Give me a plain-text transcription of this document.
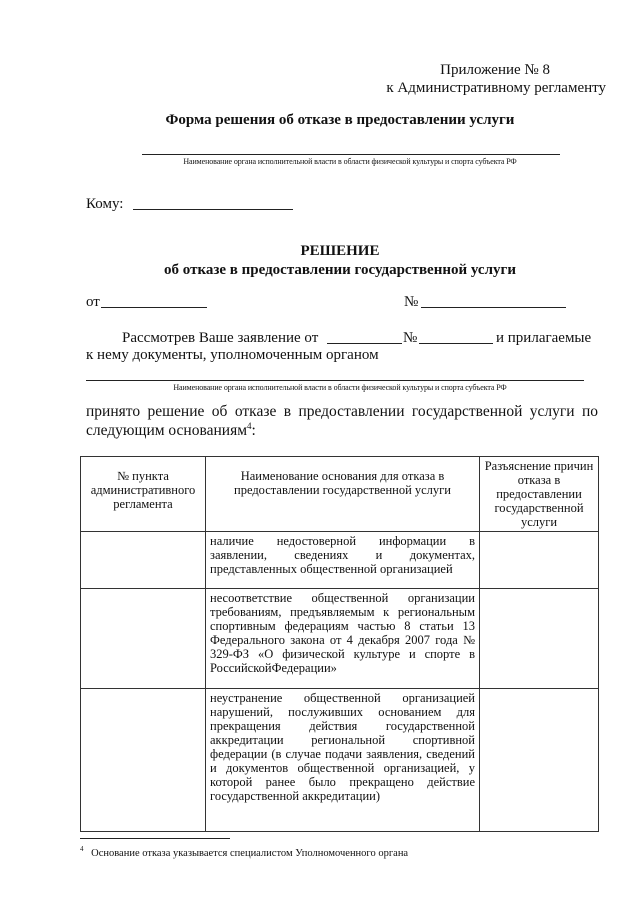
Приложение № 8
к Административному регламенту
Форма решения об отказе в предоставлении услуги
Наименование органа исполнительной власти в области физической культуры и спорта субъекта РФ
Кому:
РЕШЕНИЕ
об отказе в предоставлении государственной услуги
от	№
Рассмотрев Ваше заявление от	№	и прилагаемые
к нему документы, уполномоченным органом
Наименование органа исполнительной власти в области физической культуры и спорта субъекта РФ
принято решение об отказе в предоставлении государственной услуги по
следующим основаниям$^4$:
№ пункта административного регламента	Наименование основания для отказа в предоставлении государственной услуги	Разъяснение причин отказа в предоставлении государственной услуги
	наличие недостоверной информации в заявлении, сведениях и документах, представленных общественной организацией	
	несоответствие общественной организации требованиям, предъявляемым к региональным спортивным федерациям частью 8 статьи 13 Федерального закона от 4 декабря 2007 года № 329-ФЗ «О физической культуре и спорте в РоссийскойФедерации»	
	неустранение общественной организацией нарушений, послуживших основанием для прекращения действия государственной аккредитации региональной спортивной федерации (в случае подачи заявления, сведений и документов общественной организацией, у которой ранее было прекращено действие государственной аккредитации)	
$^4$ Основание отказа указывается специалистом Уполномоченного органа
